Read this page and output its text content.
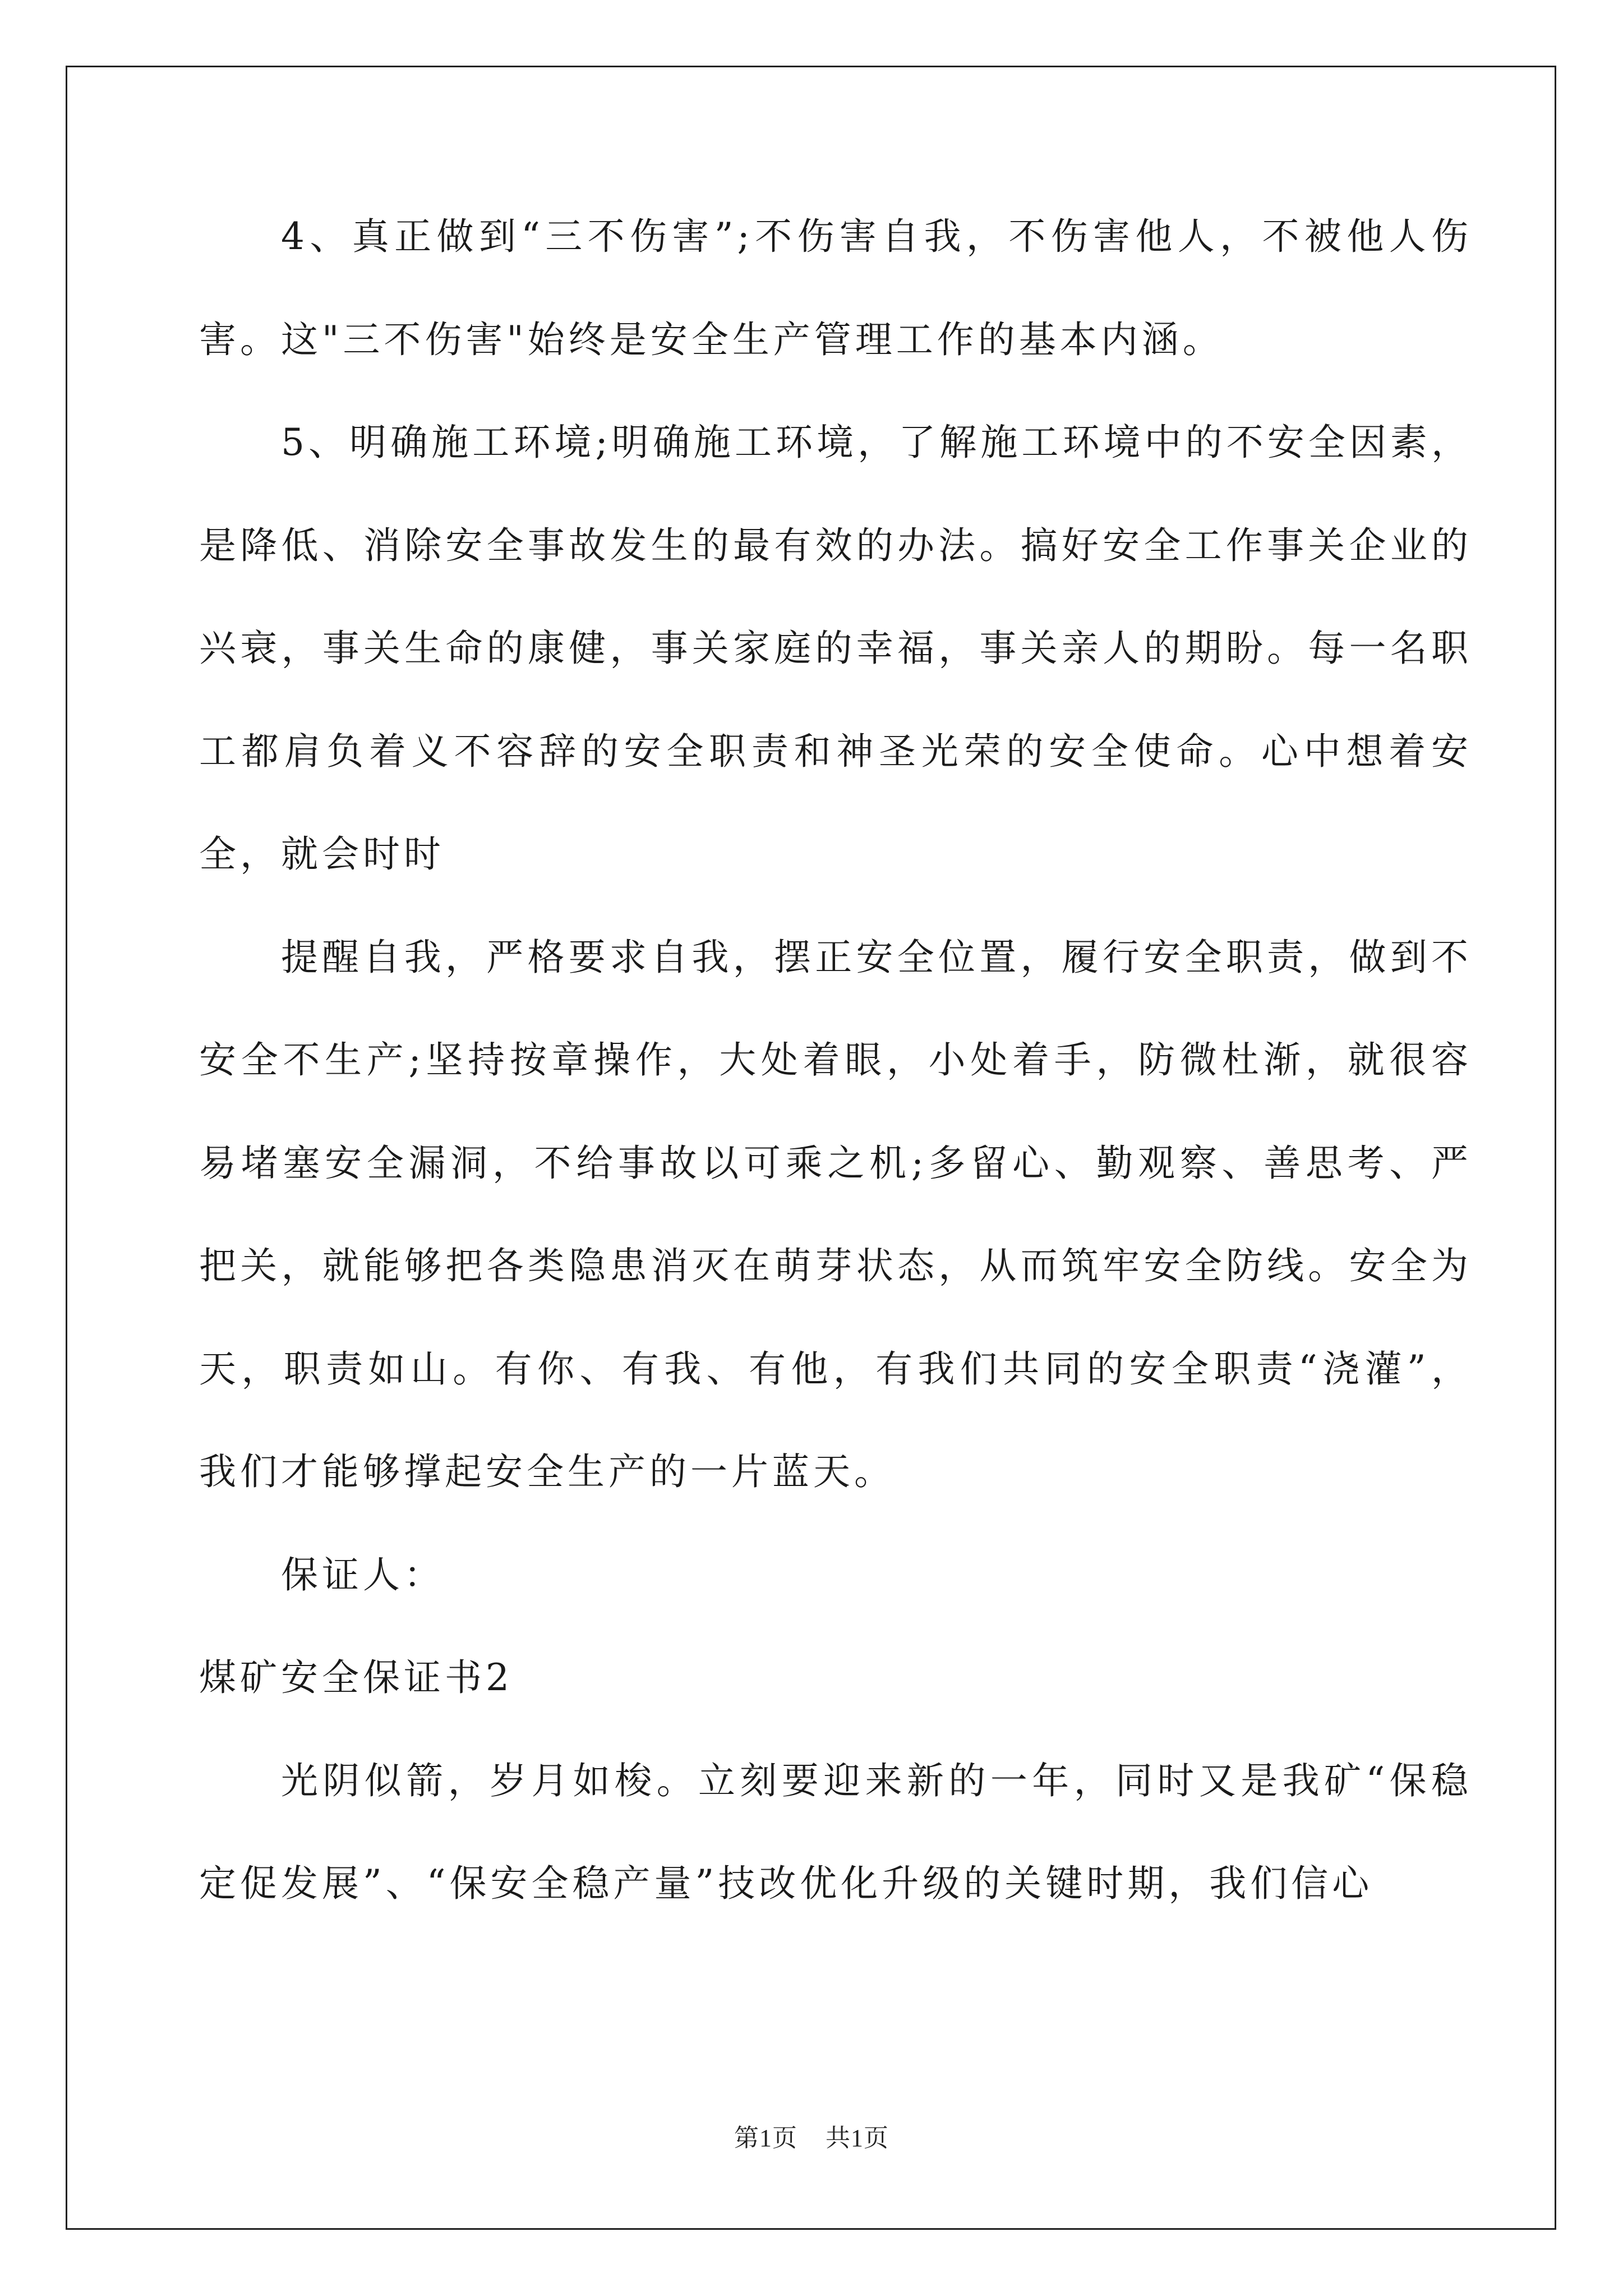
4、真正做到“三不伤害”;不伤害自我，不伤害他人，不被他人伤害。这"三不伤害"始终是安全生产管理工作的基本内涵。

5、明确施工环境;明确施工环境，了解施工环境中的不安全因素，是降低、消除安全事故发生的最有效的办法。搞好安全工作事关企业的兴衰，事关生命的康健，事关家庭的幸福，事关亲人的期盼。每一名职工都肩负着义不容辞的安全职责和神圣光荣的安全使命。心中想着安全，就会时时

提醒自我，严格要求自我，摆正安全位置，履行安全职责，做到不安全不生产;坚持按章操作，大处着眼，小处着手，防微杜渐，就很容易堵塞安全漏洞，不给事故以可乘之机;多留心、勤观察、善思考、严把关，就能够把各类隐患消灭在萌芽状态，从而筑牢安全防线。安全为天，职责如山。有你、有我、有他，有我们共同的安全职责“浇灌”，我们才能够撑起安全生产的一片蓝天。

保证人：

煤矿安全保证书2

光阴似箭，岁月如梭。立刻要迎来新的一年，同时又是我矿“保稳定促发展”、“保安全稳产量”技改优化升级的关键时期，我们信心

第1页 共1页
